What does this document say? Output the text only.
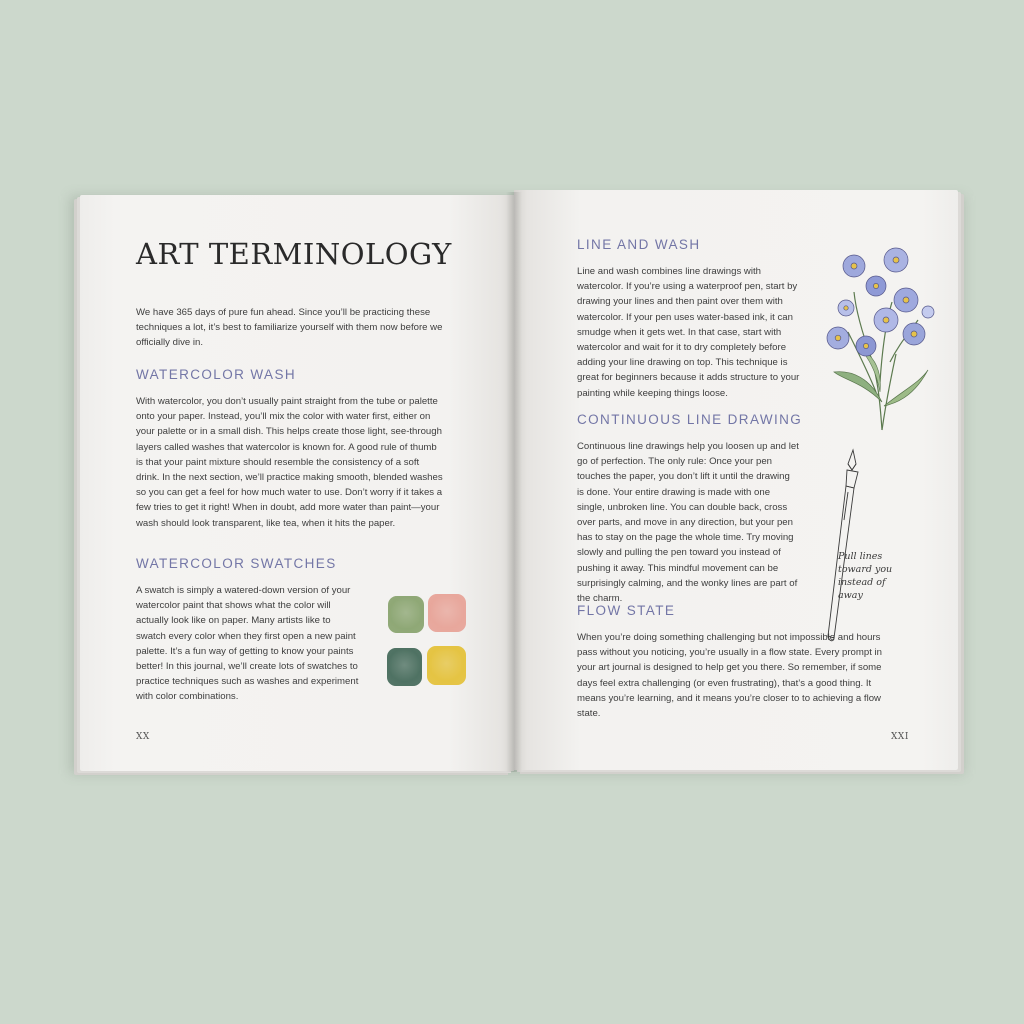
ART TERMINOLOGY

We have 365 days of pure fun ahead. Since you’ll be practicing these techniques a lot, it’s best to familiarize yourself with them now before we officially dive in.

WATERCOLOR WASH

With watercolor, you don’t usually paint straight from the tube or palette onto your paper. Instead, you’ll mix the color with water first, either on your palette or in a small dish. This helps create those light, see-through layers called washes that watercolor is known for. A good rule of thumb is that your paint mixture should resemble the consistency of a soft drink. In the next section, we’ll practice making smooth, blended washes so you can get a feel for how much water to use. Don’t worry if it takes a few tries to get it right! When in doubt, add more water than paint—your wash should look transparent, like tea, when it hits the paper.

WATERCOLOR SWATCHES

A swatch is simply a watered-down version of your watercolor paint that shows what the color will actually look like on paper. Many artists like to swatch every color when they first open a new paint palette. It’s a fun way of getting to know your paints better! In this journal, we’ll create lots of swatches to practice techniques such as washes and experiment with color combinations.

XX
LINE AND WASH

Line and wash combines line drawings with watercolor. If you’re using a waterproof pen, start by drawing your lines and then paint over them with watercolor. If your pen uses water-based ink, it can smudge when it gets wet. In that case, start with watercolor and wait for it to dry completely before adding your line drawing on top. This technique is great for beginners because it adds structure to your painting while keeping things loose.

CONTINUOUS LINE DRAWING

Continuous line drawings help you loosen up and let go of perfection. The only rule: Once your pen touches the paper, you don’t lift it until the drawing is done. Your entire drawing is made with one single, unbroken line. You can double back, cross over parts, and move in any direction, but your pen has to stay on the page the whole time. Try moving slowly and pulling the pen toward you instead of pushing it away. This mindful movement can be surprisingly calming, and the wonky lines are part of the charm.

FLOW STATE

When you’re doing something challenging but not impossible and hours pass without you noticing, you’re usually in a flow state. Every prompt in your art journal is designed to help get you there. So remember, if some days feel extra challenging (or even frustrating), that’s a good thing. It means you’re learning, and it means you’re closer to to achieving a flow state.

Pull lines
toward you
instead of
away
XXI
